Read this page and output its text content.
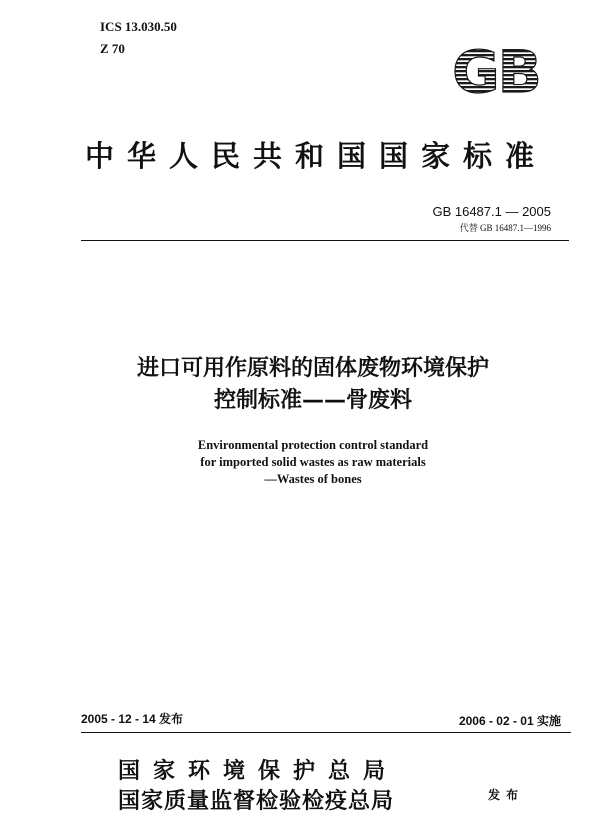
ICS 13.030.50
Z 70	GB
中华人民共和国国家标准
GB 16487.1 — 2005
代替 GB 16487.1—1996
进口可用作原料的固体废物环境保护
控制标准——骨废料
Environmental protection control standard
for imported solid wastes as raw materials
—Wastes of bones
2005 - 12 - 14 发布	2006 - 02 - 01 实施
国家环境保护总局
国家质量监督检验检疫总局	发布
